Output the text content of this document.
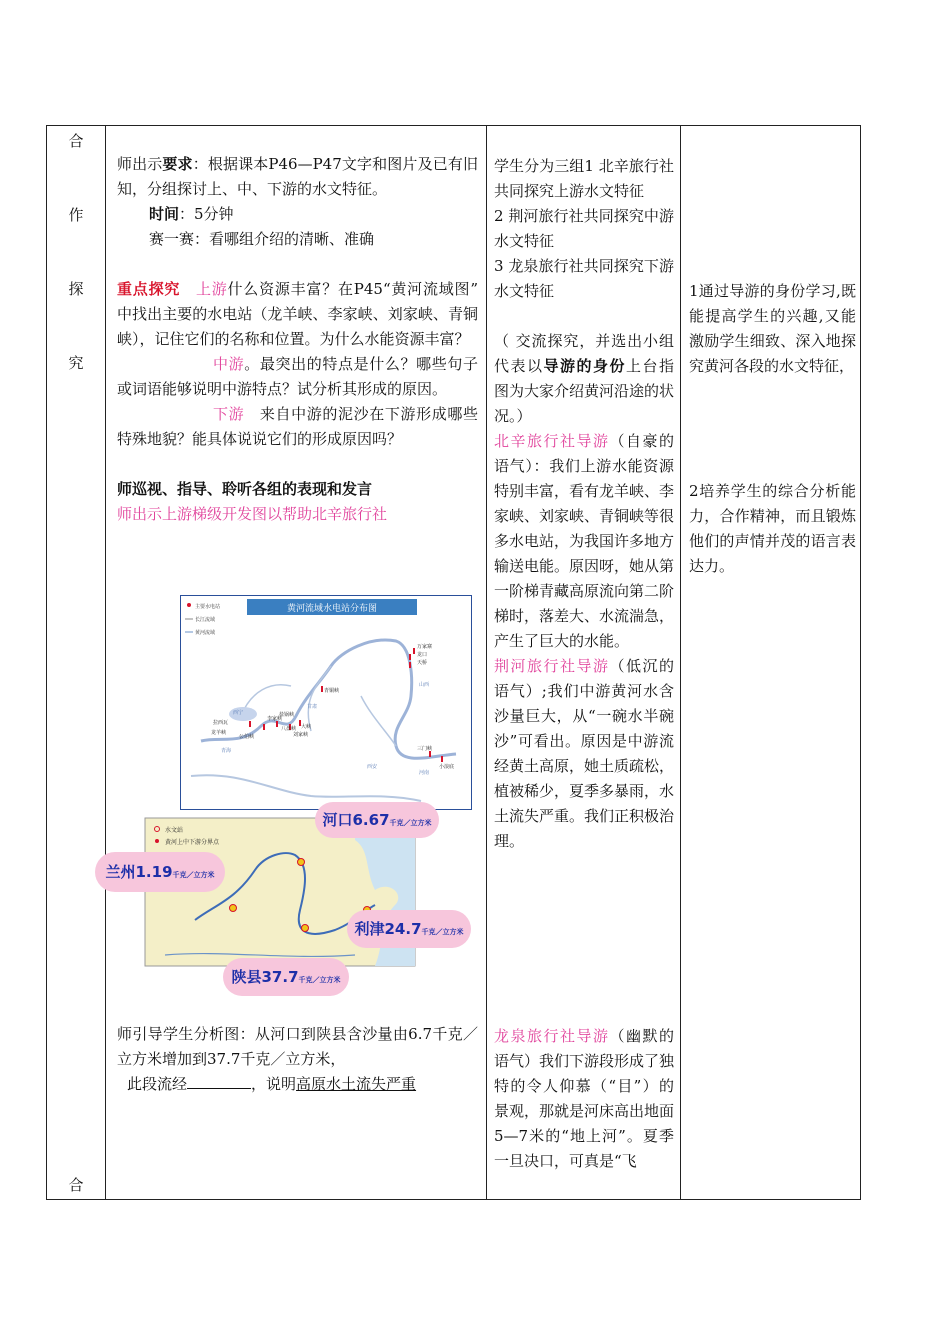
合
作
探
究
合

师出示要求：根据课本P46—P47文字和图片及已有旧知，分组探讨上、中、下游的水文特征。

时间：5分钟

赛一赛：看哪组介绍的清晰、准确

重点探究　 上游什么资源丰富？在P45“黄河流域图” 中找出主要的水电站（龙羊峡、李家峡、刘家峡、青铜峡），记住它们的名称和位置。为什么水能资源丰富？

中游。最突出的特点是什么？哪些句子或词语能够说明中游特点？试分析其形成的原因。

下游　来自中游的泥沙在下游形成哪些特殊地貌？能具体说说它们的形成原因吗？

师巡视、指导、聆听各组的表现和发言

师出示上游梯级开发图以帮助北辛旅行社

黄河流域水电站分布图
主要水电站
长江流域
黄河流域
万家寨
龙口
天桥
青铜峡
刘家峡
李家峡
龙羊峡
拉西瓦
公伯峡
盐锅峡
八盘峡 大峡
三门峡
小浪底
西宁
西安
青海
甘肃
山西
河南
水文站
黄河上中下游分界点
河口6.67千克／立方米
兰州1.19千克／立方米
利津24.7千克／立方米
陕县37.7千克／立方米

师引导学生分析图：从河口到陕县含沙量由6.7千克／立方米增加到37.7千克／立方米，

此段流经	，说明高原水土流失严重

学生分为三组1 北辛旅行社共同探究上游水文特征

2 荆河旅行社共同探究中游水文特征

3 龙泉旅行社共同探究下游水文特征

（ 交流探究，并选出小组代表以导游的身份上台指图为大家介绍黄河沿途的状况。）

北辛旅行社导游（自豪的语气）：我们上游水能资源特别丰富，看有龙羊峡、李家峡、刘家峡、青铜峡等很多水电站，为我国许多地方输送电能。原因呀，她从第一阶梯青藏高原流向第二阶梯时，落差大、水流湍急，产生了巨大的水能。

荆河旅行社导游（低沉的语气）;我们中游黄河水含沙量巨大，从“一碗水半碗沙”可看出。原因是中游流经黄土高原，她土质疏松，植被稀少，夏季多暴雨，水土流失严重。我们正积极治理。

龙泉旅行社导游（幽默的语气）我们下游段形成了独特的令人仰慕（“目”）的景观，那就是河床高出地面5—7米的“地上河”。夏季一旦决口，可真是“飞

1通过导游的身份学习,既能提高学生的兴趣,又能激励学生细致、深入地探究黄河各段的水文特征，

2培养学生的综合分析能力，合作精神，而且锻炼他们的声情并茂的语言表达力。
